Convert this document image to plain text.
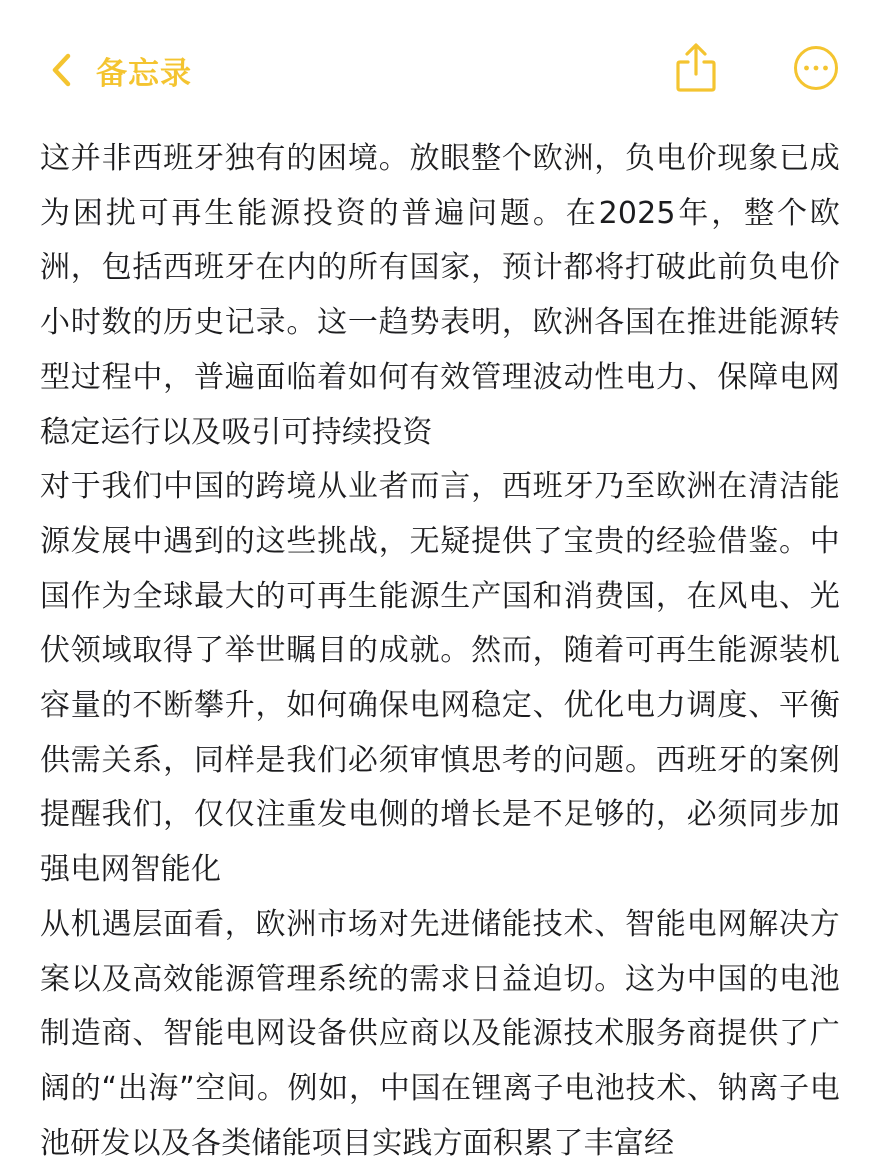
备忘录

这并非西班牙独有的困境。放眼整个欧洲，负电价现象已成为困扰可再生能源投资的普遍问题。在2025年，整个欧洲，包括西班牙在内的所有国家，预计都将打破此前负电价小时数的历史记录。这一趋势表明，欧洲各国在推进能源转型过程中，普遍面临着如何有效管理波动性电力、保障电网稳定运行以及吸引可持续投资

对于我们中国的跨境从业者而言，西班牙乃至欧洲在清洁能源发展中遇到的这些挑战，无疑提供了宝贵的经验借鉴。中国作为全球最大的可再生能源生产国和消费国，在风电、光伏领域取得了举世瞩目的成就。然而，随着可再生能源装机容量的不断攀升，如何确保电网稳定、优化电力调度、平衡供需关系，同样是我们必须审慎思考的问题。西班牙的案例提醒我们，仅仅注重发电侧的增长是不足够的，必须同步加强电网智能化

从机遇层面看，欧洲市场对先进储能技术、智能电网解决方案以及高效能源管理系统的需求日益迫切。这为中国的电池制造商、智能电网设备供应商以及能源技术服务商提供了广阔的“出海”空间。例如，中国在锂离子电池技术、钠离子电池研发以及各类储能项目实践方面积累了丰富经
